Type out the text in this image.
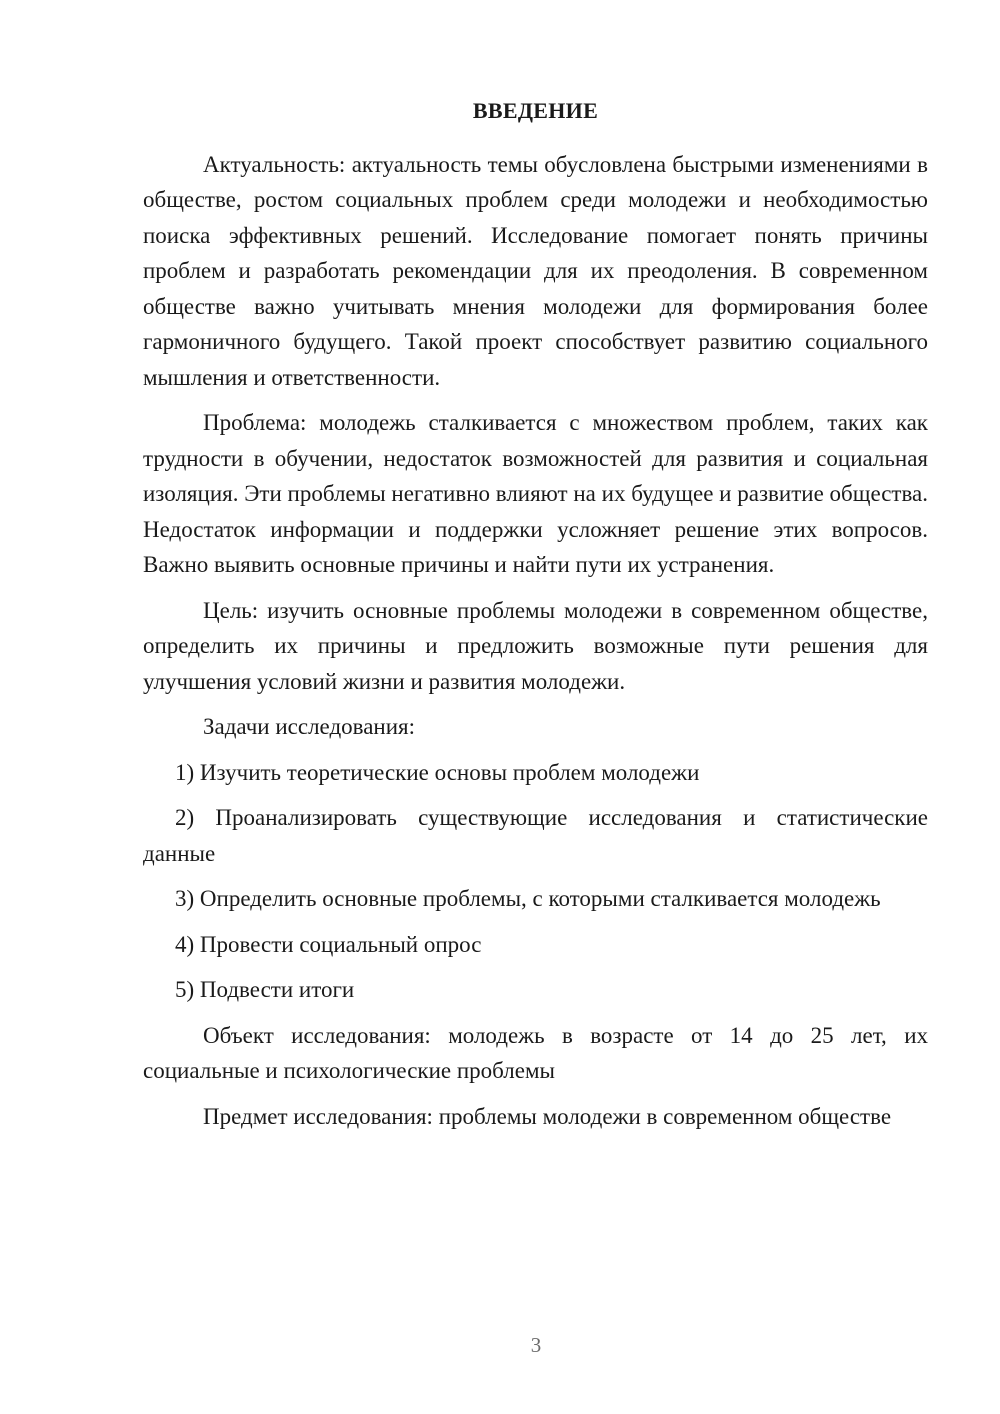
ВВЕДЕНИЕ

Актуальность: актуальность темы обусловлена быстрыми изменениями в обществе, ростом социальных проблем среди молодежи и необходимостью поиска эффективных решений. Исследование помогает понять причины проблем и разработать рекомендации для их преодоления. В современном обществе важно учитывать мнения молодежи для формирования более гармоничного будущего. Такой проект способствует развитию социального мышления и ответственности.

Проблема: молодежь сталкивается с множеством проблем, таких как трудности в обучении, недостаток возможностей для развития и социальная изоляция. Эти проблемы негативно влияют на их будущее и развитие общества. Недостаток информации и поддержки усложняет решение этих вопросов. Важно выявить основные причины и найти пути их устранения.

Цель: изучить основные проблемы молодежи в современном обществе, определить их причины и предложить возможные пути решения для улучшения условий жизни и развития молодежи.

Задачи исследования:

1) Изучить теоретические основы проблем молодежи

2) Проанализировать существующие исследования и статистические данные

3) Определить основные проблемы, с которыми сталкивается молодежь

4) Провести социальный опрос

5) Подвести итоги

Объект исследования: молодежь в возрасте от 14 до 25 лет, их социальные и психологические проблемы

Предмет исследования: проблемы молодежи в современном обществе

3
